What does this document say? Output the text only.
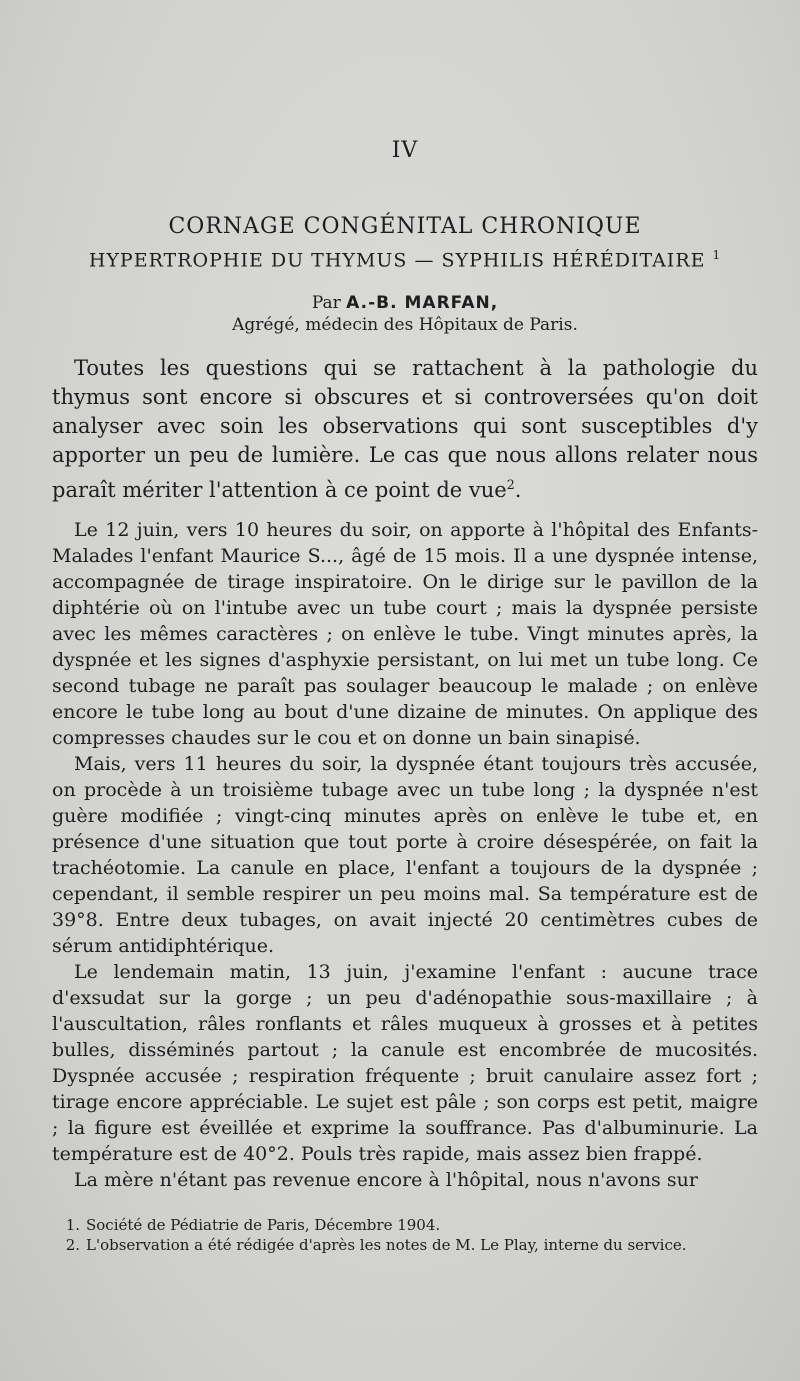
IV
CORNAGE CONGÉNITAL CHRONIQUE
HYPERTROPHIE DU THYMUS — SYPHILIS HÉRÉDITAIRE $^1$
Par A.-B. MARFAN,
Agrégé, médecin des Hôpitaux de Paris.

Toutes les questions qui se rattachent à la pathologie du thymus sont encore si obscures et si controversées qu'on doit analyser avec soin les observations qui sont susceptibles d'y apporter un peu de lumière. Le cas que nous allons relater nous paraît mériter l'attention à ce point de vue$^2$.

Le 12 juin, vers 10 heures du soir, on apporte à l'hôpital des Enfants-Malades l'enfant Maurice S..., âgé de 15 mois. Il a une dyspnée intense, accompagnée de tirage inspiratoire. On le dirige sur le pavillon de la diphtérie où on l'intube avec un tube court ; mais la dyspnée persiste avec les mêmes caractères ; on enlève le tube. Vingt minutes après, la dyspnée et les signes d'asphyxie persistant, on lui met un tube long. Ce second tubage ne paraît pas soulager beaucoup le malade ; on enlève encore le tube long au bout d'une dizaine de minutes. On applique des compresses chaudes sur le cou et on donne un bain sinapisé.

Mais, vers 11 heures du soir, la dyspnée étant toujours très accusée, on procède à un troisième tubage avec un tube long ; la dyspnée n'est guère modifiée ; vingt-cinq minutes après on enlève le tube et, en présence d'une situation que tout porte à croire désespérée, on fait la trachéotomie. La canule en place, l'enfant a toujours de la dyspnée ; cependant, il semble respirer un peu moins mal. Sa température est de 39°8. Entre deux tubages, on avait injecté 20 centimètres cubes de sérum antidiphtérique.

Le lendemain matin, 13 juin, j'examine l'enfant : aucune trace d'exsudat sur la gorge ; un peu d'adénopathie sous-maxillaire ; à l'auscultation, râles ronflants et râles muqueux à grosses et à petites bulles, disséminés partout ; la canule est encombrée de mucosités. Dyspnée accusée ; respiration fréquente ; bruit canulaire assez fort ; tirage encore appréciable. Le sujet est pâle ; son corps est petit, maigre ; la figure est éveillée et exprime la souffrance. Pas d'albuminurie. La température est de 40°2. Pouls très rapide, mais assez bien frappé.

La mère n'étant pas revenue encore à l'hôpital, nous n'avons sur

1. Société de Pédiatrie de Paris, Décembre 1904.

2. L'observation a été rédigée d'après les notes de M. Le Play, interne du service.
